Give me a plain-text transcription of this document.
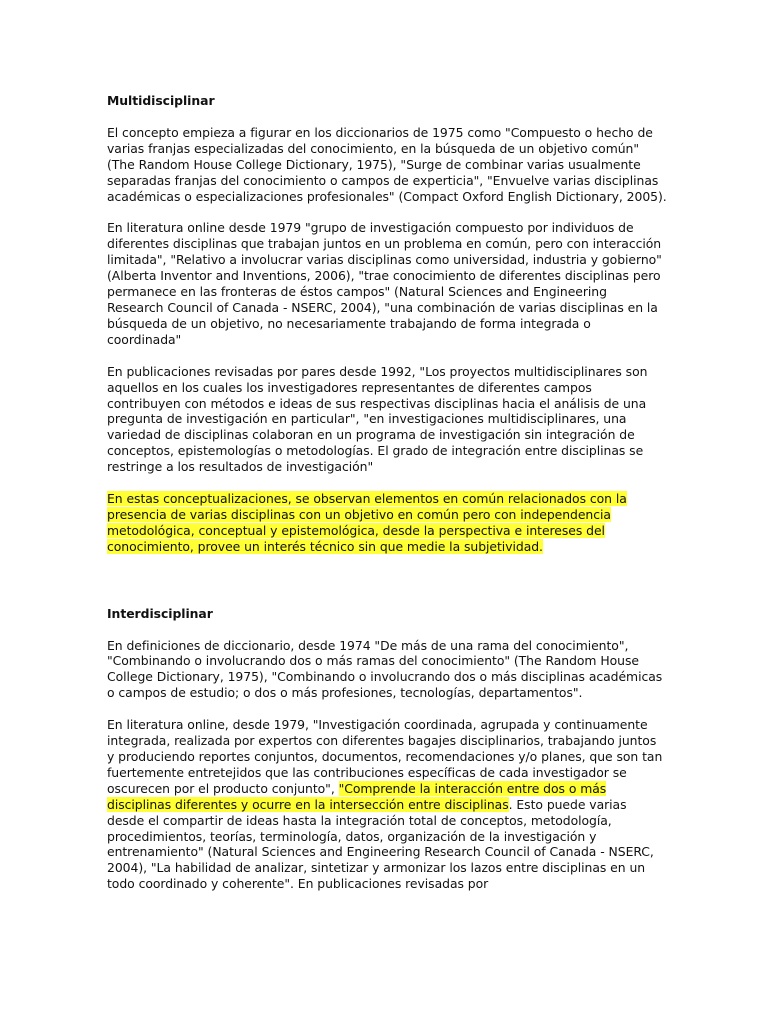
Multidisciplinar

El concepto empieza a figurar en los diccionarios de 1975 como "Compuesto o hecho de varias franjas especializadas del conocimiento, en la búsqueda de un objetivo común" (The Random House College Dictionary, 1975), "Surge de combinar varias usualmente separadas franjas del conocimiento o campos de experticia", "Envuelve varias disciplinas académicas o especializaciones profesionales" (Compact Oxford English Dictionary, 2005).

En literatura online desde 1979 "grupo de investigación compuesto por individuos de diferentes disciplinas que trabajan juntos en un problema en común, pero con interacción limitada", "Relativo a involucrar varias disciplinas como universidad, industria y gobierno" (Alberta Inventor and Inventions, 2006), "trae conocimiento de diferentes disciplinas pero permanece en las fronteras de éstos campos" (Natural Sciences and Engineering Research Council of Canada - NSERC, 2004), "una combinación de varias disciplinas en la búsqueda de un objetivo, no necesariamente trabajando de forma integrada o coordinada"

En publicaciones revisadas por pares desde 1992, "Los proyectos multidisciplinares son aquellos en los cuales los investigadores representantes de diferentes campos contribuyen con métodos e ideas de sus respectivas disciplinas hacia el análisis de una pregunta de investigación en particular", "en investigaciones multidisciplinares, una variedad de disciplinas colaboran en un programa de investigación sin integración de conceptos, epistemologías o metodologías. El grado de integración entre disciplinas se restringe a los resultados de investigación"

En estas conceptualizaciones, se observan elementos en común relacionados con la presencia de varias disciplinas con un objetivo en común pero con independencia metodológica, conceptual y epistemológica, desde la perspectiva e intereses del conocimiento, provee un interés técnico sin que medie la subjetividad.

Interdisciplinar

En definiciones de diccionario, desde 1974 "De más de una rama del conocimiento", "Combinando o involucrando dos o más ramas del conocimiento" (The Random House College Dictionary, 1975), "Combinando o involucrando dos o más disciplinas académicas o campos de estudio; o dos o más profesiones, tecnologías, departamentos".

En literatura online, desde 1979, "Investigación coordinada, agrupada y continuamente integrada, realizada por expertos con diferentes bagajes disciplinarios, trabajando juntos y produciendo reportes conjuntos, documentos, recomendaciones y/o planes, que son tan fuertemente entretejidos que las contribuciones específicas de cada investigador se oscurecen por el producto conjunto", "Comprende la interacción entre dos o más disciplinas diferentes y ocurre en la intersección entre disciplinas. Esto puede varias desde el compartir de ideas hasta la integración total de conceptos, metodología, procedimientos, teorías, terminología, datos, organización de la investigación y entrenamiento" (Natural Sciences and Engineering Research Council of Canada - NSERC, 2004), "La habilidad de analizar, sintetizar y armonizar los lazos entre disciplinas en un todo coordinado y coherente". En publicaciones revisadas por
